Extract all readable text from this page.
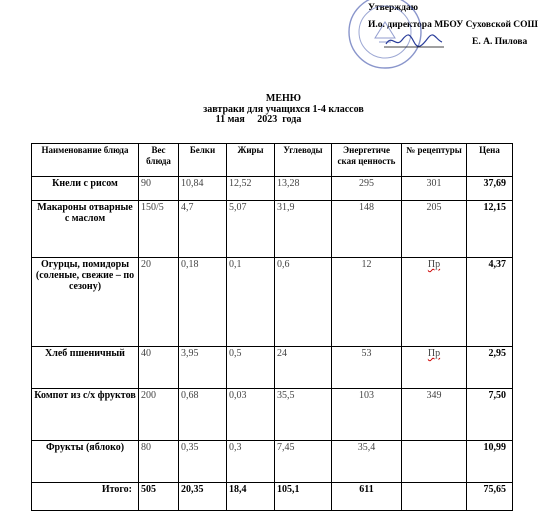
Утверждаю
И.о. директора МБОУ Суховской СОШ
Е. А. Пилова
МЕНЮ
завтраки для учащихся 1-4 классов
11 мая     2023  года
Наименование блюда	Вес блюда	Белки	Жиры	Углеводы	Энергетиче ская ценность	№ рецептуры	Цена
Кнели с рисом	90	10,84	12,52	13,28	295	301	37,69
Макароны отварные с маслом	150/5	4,7	5,07	31,9	148	205	12,15
Огурцы, помидоры (соленые, свежие – по сезону)	20	0,18	0,1	0,6	12	Пр	4,37
Хлеб пшеничный	40	3,95	0,5	24	53	Пр	2,95
Компот из с/х фруктов	200	0,68	0,03	35,5	103	349	7,50
Фрукты (яблоко)	80	0,35	0,3	7,45	35,4		10,99
Итого:	505	20,35	18,4	105,1	611		75,65
